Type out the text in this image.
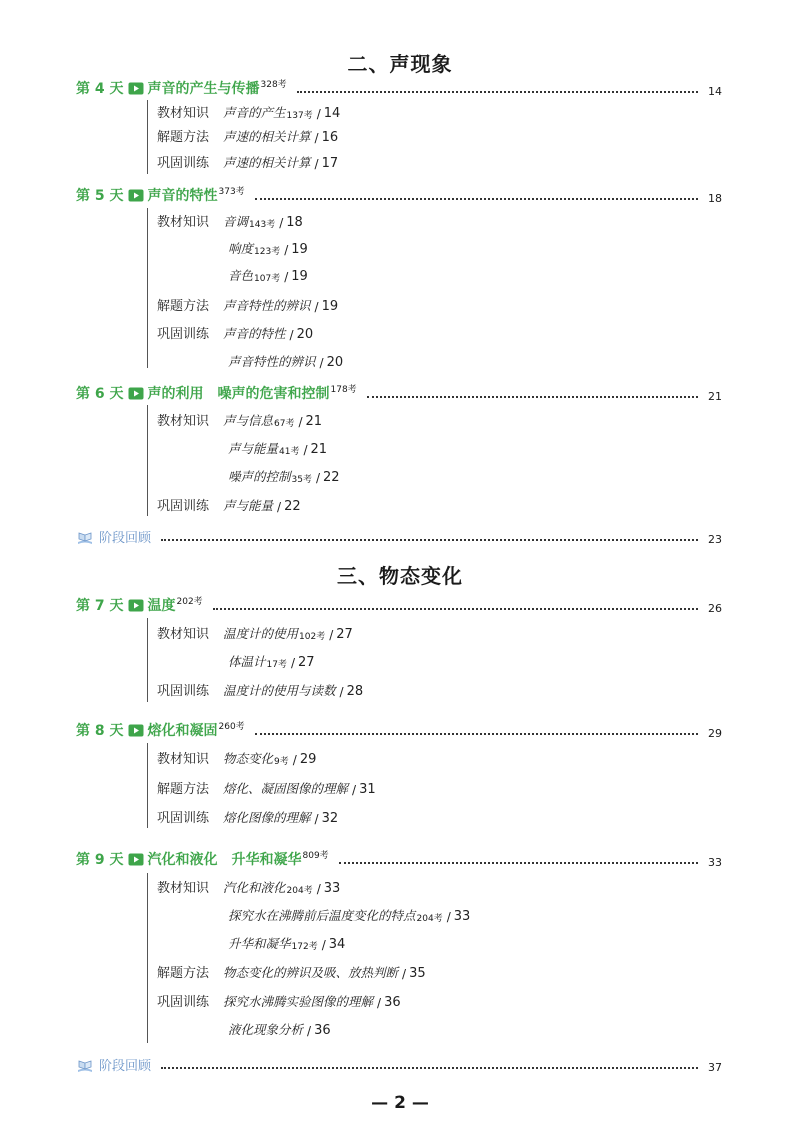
二、声现象
第 4 天 声音的产生与传播$^{328考}$	14
教材知识 声音的产生 137考 / 14
解题方法 声速的相关计算 / 16
巩固训练 声速的相关计算 / 17
第 5 天 声音的特性$^{373考}$	18
教材知识 音调 143考 / 18
响度 123考 / 19
音色 107考 / 19
解题方法 声音特性的辨识 / 19
巩固训练 声音的特性 / 20
声音特性的辨识 / 20
第 6 天 声的利用　噪声的危害和控制$^{178考}$	21
教材知识 声与信息 67考 / 21
声与能量 41考 / 21
噪声的控制 35考 / 22
巩固训练 声与能量 / 22
阶段回顾	23
三、物态变化
第 7 天 温度$^{202考}$	26
教材知识 温度计的使用 102考 / 27
体温计 17考 / 27
巩固训练 温度计的使用与读数 / 28
第 8 天 熔化和凝固$^{260考}$	29
教材知识 物态变化 9考 / 29
解题方法 熔化、凝固图像的理解 / 31
巩固训练 熔化图像的理解 / 32
第 9 天 汽化和液化　升华和凝华$^{809考}$	33
教材知识 汽化和液化 204考 / 33
探究水在沸腾前后温度变化的特点 204考 / 33
升华和凝华 172考 / 34
解题方法 物态变化的辨识及吸、放热判断 / 35
巩固训练 探究水沸腾实验图像的理解 / 36
液化现象分析 / 36
阶段回顾	37
— 2 —
